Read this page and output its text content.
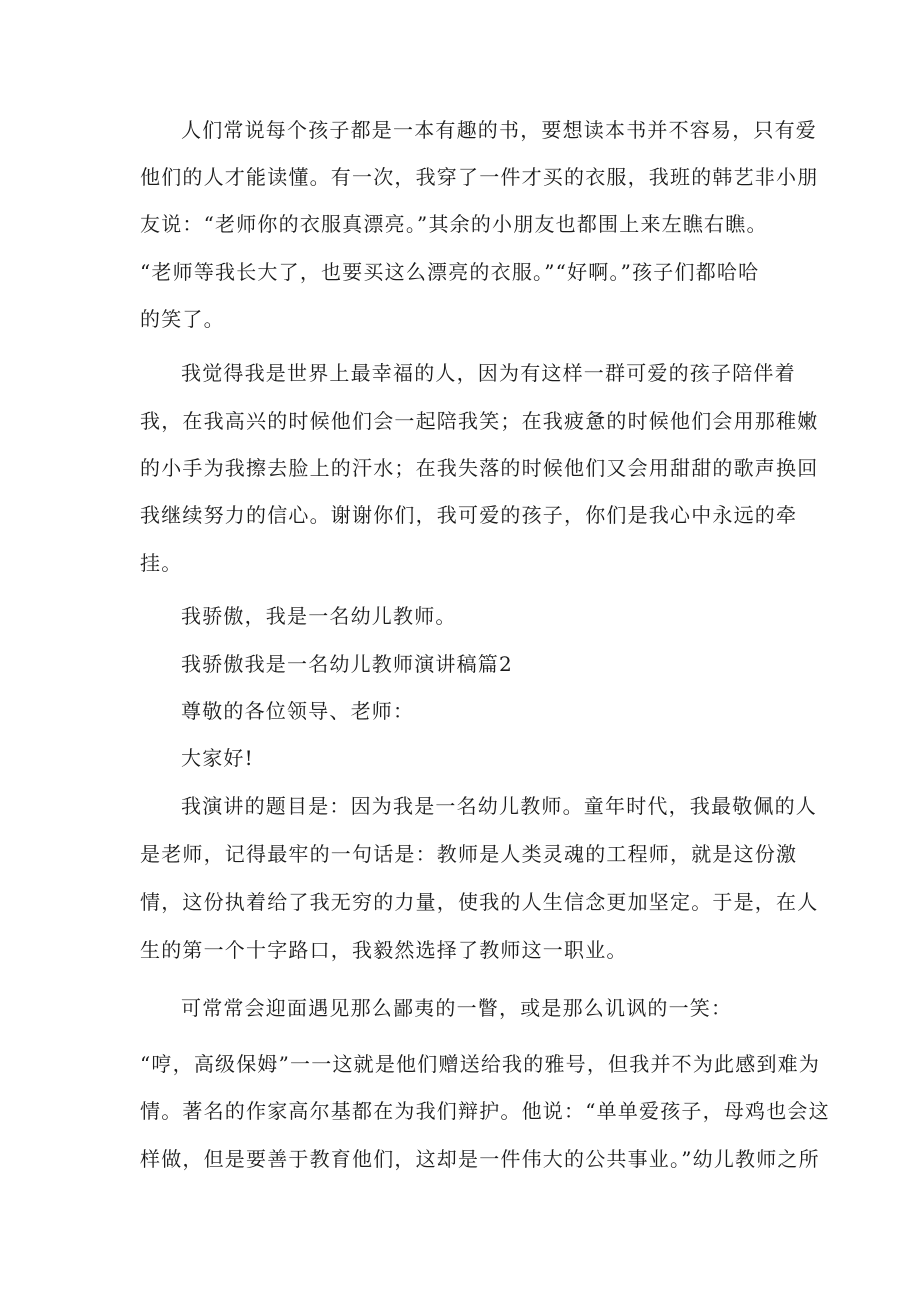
人们常说每个孩子都是一本有趣的书，要想读本书并不容易，只有爱
他们的人才能读懂。有一次，我穿了一件才买的衣服，我班的韩艺非小朋
友说：“老师你的衣服真漂亮。”其余的小朋友也都围上来左瞧右瞧。
“老师等我长大了，也要买这么漂亮的衣服。”“好啊。”孩子们都哈哈
的笑了。
我觉得我是世界上最幸福的人，因为有这样一群可爱的孩子陪伴着
我，在我高兴的时候他们会一起陪我笑；在我疲惫的时候他们会用那稚嫩
的小手为我擦去脸上的汗水；在我失落的时候他们又会用甜甜的歌声换回
我继续努力的信心。谢谢你们，我可爱的孩子，你们是我心中永远的牵
挂。
我骄傲，我是一名幼儿教师。
我骄傲我是一名幼儿教师演讲稿篇2
尊敬的各位领导、老师：
大家好!
我演讲的题目是：因为我是一名幼儿教师。童年时代，我最敬佩的人
是老师，记得最牢的一句话是：教师是人类灵魂的工程师，就是这份激
情，这份执着给了我无穷的力量，使我的人生信念更加坚定。于是，在人
生的第一个十字路口，我毅然选择了教师这一职业。
可常常会迎面遇见那么鄙夷的一瞥，或是那么讥讽的一笑：
“哼，高级保姆”一一这就是他们赠送给我的雅号，但我并不为此感到难为
情。著名的作家高尔基都在为我们辩护。他说：“单单爱孩子，母鸡也会这
样做，但是要善于教育他们，这却是一件伟大的公共事业。”幼儿教师之所
